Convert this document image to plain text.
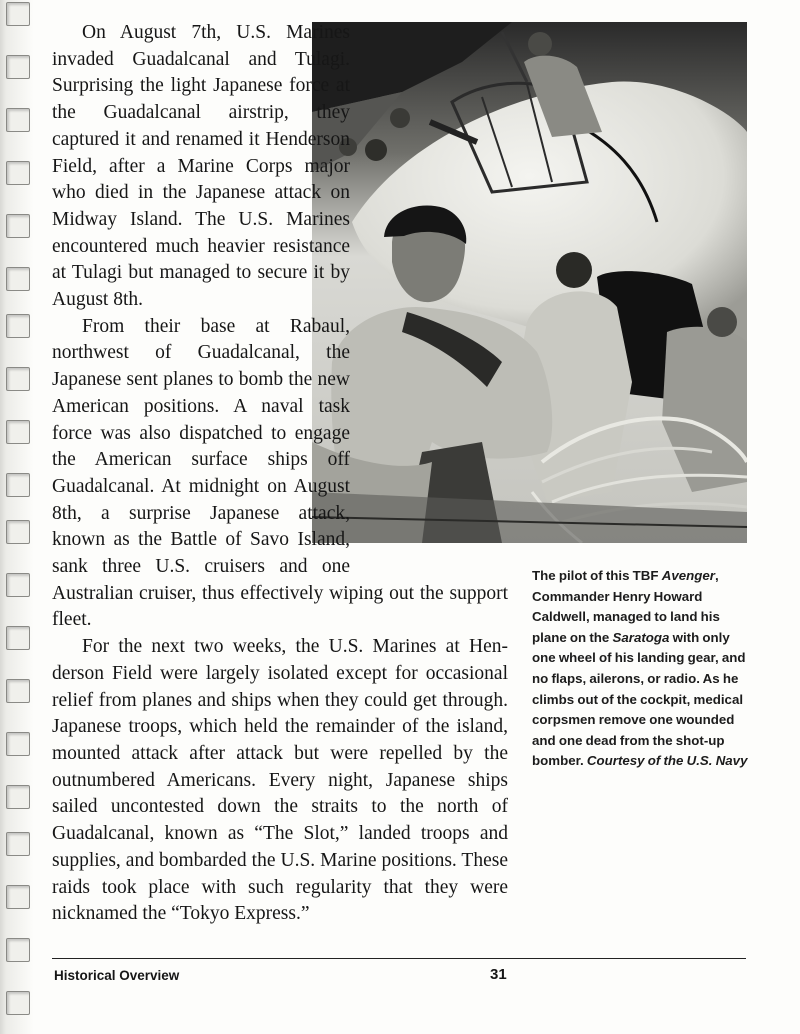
On August 7th, U.S. Marines invaded Guadalcanal and Tulagi. Surprising the light Japanese force at the Guadalcanal airstrip, they captured it and renamed it Henderson Field, after a Marine Corps major who died in the Japanese attack on Midway Island. The U.S. Marines encountered much heavier resistance at Tulagi but managed to secure it by August 8th.

From their base at Rabaul, northwest of Guadalcanal, the Japanese sent planes to bomb the new American positions. A naval task force was also dispatched to engage the American surface ships off Guadalcanal. At midnight on August 8th, a surprise Japanese attack, known as the Battle of Savo Island, sank three U.S. cruisers and one Australian cruiser, thus effectively wiping out the support fleet.

For the next two weeks, the U.S. Marines at Henderson Field were largely isolated except for occasional relief from planes and ships when they could get through. Japanese troops, which held the remainder of the island, mounted attack after attack but were repelled by the outnumbered Americans. Every night, Japanese ships sailed uncontested down the straits to the north of Guadalcanal, known as “The Slot,” landed troops and supplies, and bombarded the U.S. Marine positions. These raids took place with such regularity that they were nicknamed the “Tokyo Express.”

The pilot of this TBF Avenger, Commander Henry Howard Caldwell, managed to land his plane on the Saratoga with only one wheel of his landing gear, and no flaps, ailerons, or radio. As he climbs out of the cockpit, medical corpsmen remove one wounded and one dead from the shot-up bomber. Courtesy of the U.S. Navy
Historical Overview	31
